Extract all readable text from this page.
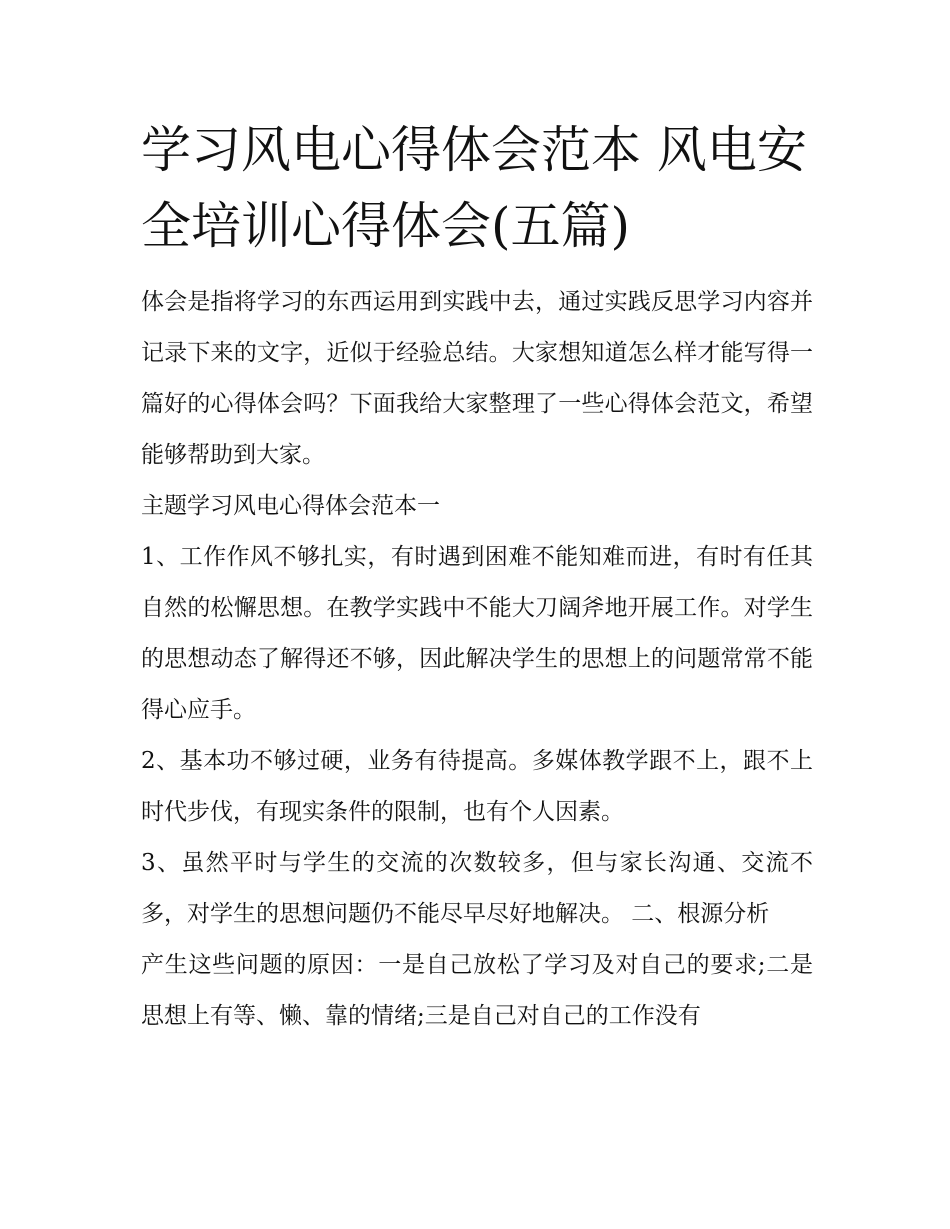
学习风电心得体会范本 风电安全培训心得体会(五篇)

体会是指将学习的东西运用到实践中去，通过实践反思学习内容并记录下来的文字，近似于经验总结。大家想知道怎么样才能写得一篇好的心得体会吗？下面我给大家整理了一些心得体会范文，希望能够帮助到大家。

主题学习风电心得体会范本一

1、工作作风不够扎实，有时遇到困难不能知难而进，有时有任其自然的松懈思想。在教学实践中不能大刀阔斧地开展工作。对学生的思想动态了解得还不够，因此解决学生的思想上的问题常常不能得心应手。

2、基本功不够过硬，业务有待提高。多媒体教学跟不上，跟不上时代步伐，有现实条件的限制，也有个人因素。

3、虽然平时与学生的交流的次数较多，但与家长沟通、交流不多，对学生的思想问题仍不能尽早尽好地解决。 二、根源分析

产生这些问题的原因：一是自己放松了学习及对自己的要求;二是思想上有等、懒、靠的情绪;三是自己对自己的工作没有
